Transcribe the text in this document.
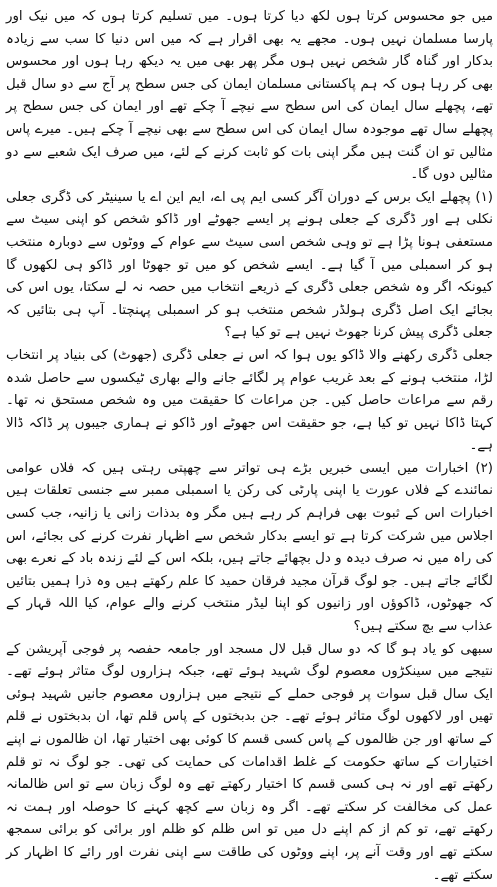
میں جو محسوس کرتا ہوں لکھ دیا کرتا ہوں۔ میں تسلیم کرتا ہوں کہ میں نیک اور پارسا مسلمان نہیں ہوں۔ مجھے یہ بھی اقرار ہے کہ میں اس دنیا کا سب سے زیادہ بدکار اور گناہ گار شخص نہیں ہوں مگر پھر بھی میں یہ دیکھ رہا ہوں اور محسوس بھی کر رہا ہوں کہ ہم پاکستانی مسلمان ایمان کی جس سطح پر آج سے دو سال قبل تھے، پچھلے سال ایمان کی اس سطح سے نیچے آ چکے تھے اور ایمان کی جس سطح پر پچھلے سال تھے موجودہ سال ایمان کی اس سطح سے بھی نیچے آ چکے ہیں۔ میرے پاس مثالیں تو ان گنت ہیں مگر اپنی بات کو ثابت کرنے کے لئے، میں صرف ایک شعبے سے دو مثالیں دوں گا۔

(۱) پچھلے ایک برس کے دوران آگر کسی ایم پی اے، ایم این اے یا سینیٹر کی ڈگری جعلی نکلی ہے اور ڈگری کے جعلی ہونے پر ایسے جھوٹے اور ڈاکو شخص کو اپنی سیٹ سے مستعفی ہونا پڑا ہے تو وہی شخص اسی سیٹ سے عوام کے ووٹوں سے دوبارہ منتخب ہو کر اسمبلی میں آ گیا ہے۔ ایسے شخص کو میں تو جھوٹا اور ڈاکو ہی لکھوں گا کیونکہ اگر وہ شخص جعلی ڈگری کے ذریعے انتخاب میں حصہ نہ لے سکتا، یوں اس کی بجائے ایک اصل ڈگری ہولڈر شخص منتخب ہو کر اسمبلی پہنچتا۔ آپ ہی بتائیں کہ جعلی ڈگری پیش کرنا جھوٹ نہیں ہے تو کیا ہے؟

جعلی ڈگری رکھنے والا ڈاکو یوں ہوا کہ اس نے جعلی ڈگری (جھوٹ) کی بنیاد پر انتخاب لڑا، منتخب ہونے کے بعد غریب عوام پر لگائے جانے والے بھاری ٹیکسوں سے حاصل شدہ رقم سے مراعات حاصل کیں۔ جن مراعات کا حقیقت میں وہ شخص مستحق نہ تھا۔ کہتا ڈاکا نہیں تو کیا ہے، جو حقیقت اس جھوٹے اور ڈاکو نے ہماری جیبوں پر ڈاکہ ڈالا ہے۔

(۲) اخبارات میں ایسی خبریں بڑے ہی تواتر سے چھپتی رہتی ہیں کہ فلاں عوامی نمائندے کے فلاں عورت یا اپنی پارٹی کی رکن یا اسمبلی ممبر سے جنسی تعلقات ہیں اخبارات اس کے ثبوت بھی فراہم کر رہے ہیں مگر وہ بدذات زانی یا زانیہ، جب کسی اجلاس میں شرکت کرتا ہے تو ایسے بدکار شخص سے اظہار نفرت کرنے کی بجائے، اس کی راہ میں نہ صرف دیدہ و دل بچھائے جاتے ہیں، بلکہ اس کے لئے زندہ باد کے نعرے بھی لگائے جاتے ہیں۔ جو لوگ قرآن مجید فرقان حمید کا علم رکھتے ہیں وہ ذرا ہمیں بتائیں کہ جھوٹوں، ڈاکوؤں اور زانیوں کو اپنا لیڈر منتخب کرنے والے عوام، کیا اللہ قہار کے عذاب سے بچ سکتے ہیں؟

سبھی کو یاد ہو گا کہ دو سال قبل لال مسجد اور جامعہ حفصہ پر فوجی آپریشن کے نتیجے میں سینکڑوں معصوم لوگ شہید ہوئے تھے، جبکہ ہزاروں لوگ متاثر ہوئے تھے۔ ایک سال قبل سوات پر فوجی حملے کے نتیجے میں ہزاروں معصوم جانیں شہید ہوئی تھیں اور لاکھوں لوگ متاثر ہوئے تھے۔ جن بدبختوں کے پاس قلم تھا، ان بدبختوں نے قلم کے ساتھ اور جن ظالموں کے پاس کسی قسم کا کوئی بھی اختیار تھا، ان ظالموں نے اپنے اختیارات کے ساتھ حکومت کے غلط اقدامات کی حمایت کی تھی۔ جو لوگ نہ تو قلم رکھتے تھے اور نہ ہی کسی قسم کا اختیار رکھتے تھے وہ لوگ زبان سے تو اس ظالمانہ عمل کی مخالفت کر سکتے تھے۔ اگر وہ زبان سے کچھ کہنے کا حوصلہ اور ہمت نہ رکھتے تھے، تو کم از کم اپنے دل میں تو اس ظلم کو ظلم اور برائی کو برائی سمجھ سکتے تھے اور وقت آنے پر، اپنے ووٹوں کی طاقت سے اپنی نفرت اور رائے کا اظہار کر سکتے تھے۔
